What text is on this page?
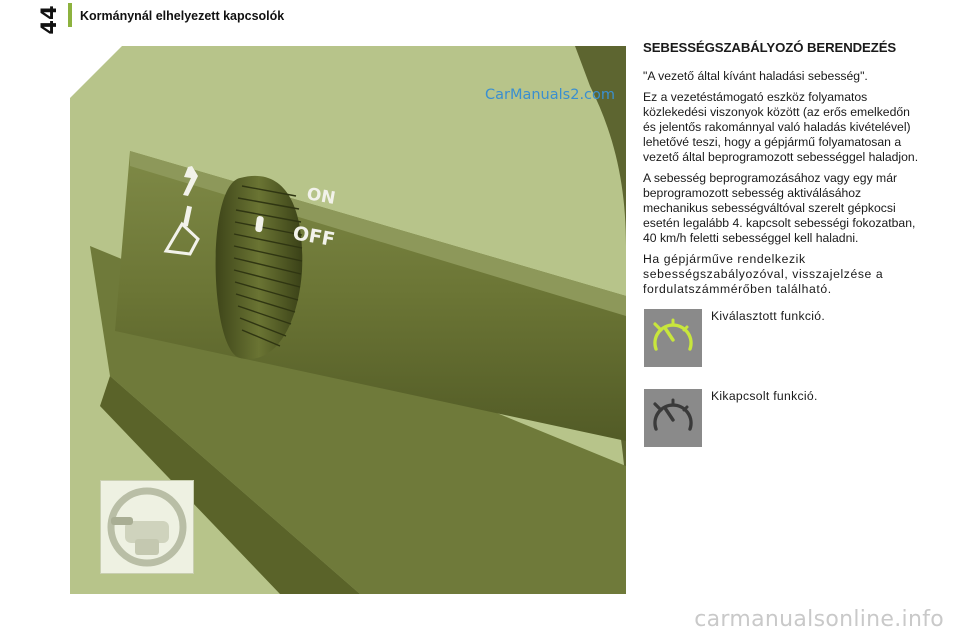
44 Kormánynál elhelyezett kapcsolók
CarManuals2.com
ON
OFF
SEBESSÉGSZABÁLYOZÓ BERENDEZÉS

"A vezető által kívánt haladási sebesség".

Ez a vezetéstámogató eszköz folyamatos közlekedési viszonyok között (az erős emelkedőn és jelentős rakománnyal való haladás kivételével) lehetővé teszi, hogy a gépjármű folyamatosan a vezető által beprogramozott sebességgel haladjon.

A sebesség beprogramozásához vagy egy már beprogramozott sebesség aktiválásához mechanikus sebességváltóval szerelt gépkocsi esetén legalább 4. kapcsolt sebességi fokozatban, 40 km/h feletti sebességgel kell haladni.

Ha gépjárműve rendelkezik sebességszabályozóval, visszajelzése a fordulatszámmérőben található.

Kiválasztott funkció.
Kikapcsolt funkció.
carmanualsonline.info
